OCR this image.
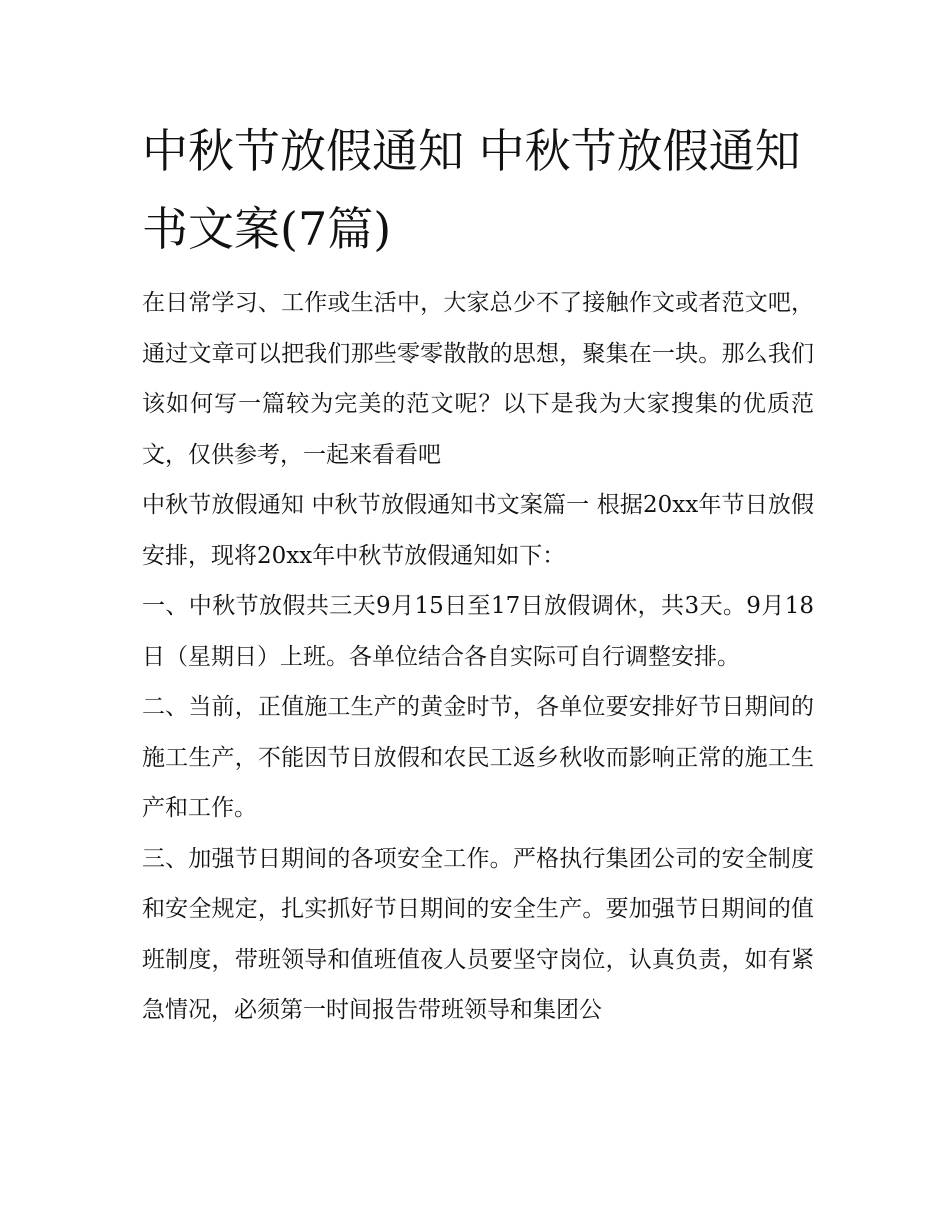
中秋节放假通知 中秋节放假通知书文案(7篇)

在日常学习、工作或生活中，大家总少不了接触作文或者范文吧，通过文章可以把我们那些零零散散的思想，聚集在一块。那么我们该如何写一篇较为完美的范文呢？以下是我为大家搜集的优质范文，仅供参考，一起来看看吧

中秋节放假通知 中秋节放假通知书文案篇一 根据20xx年节日放假安排，现将20xx年中秋节放假通知如下：

一、中秋节放假共三天9月15日至17日放假调休，共3天。9月18日（星期日）上班。各单位结合各自实际可自行调整安排。

二、当前，正值施工生产的黄金时节，各单位要安排好节日期间的施工生产，不能因节日放假和农民工返乡秋收而影响正常的施工生产和工作。

三、加强节日期间的各项安全工作。严格执行集团公司的安全制度和安全规定，扎实抓好节日期间的安全生产。要加强节日期间的值班制度，带班领导和值班值夜人员要坚守岗位，认真负责，如有紧急情况，必须第一时间报告带班领导和集团公
